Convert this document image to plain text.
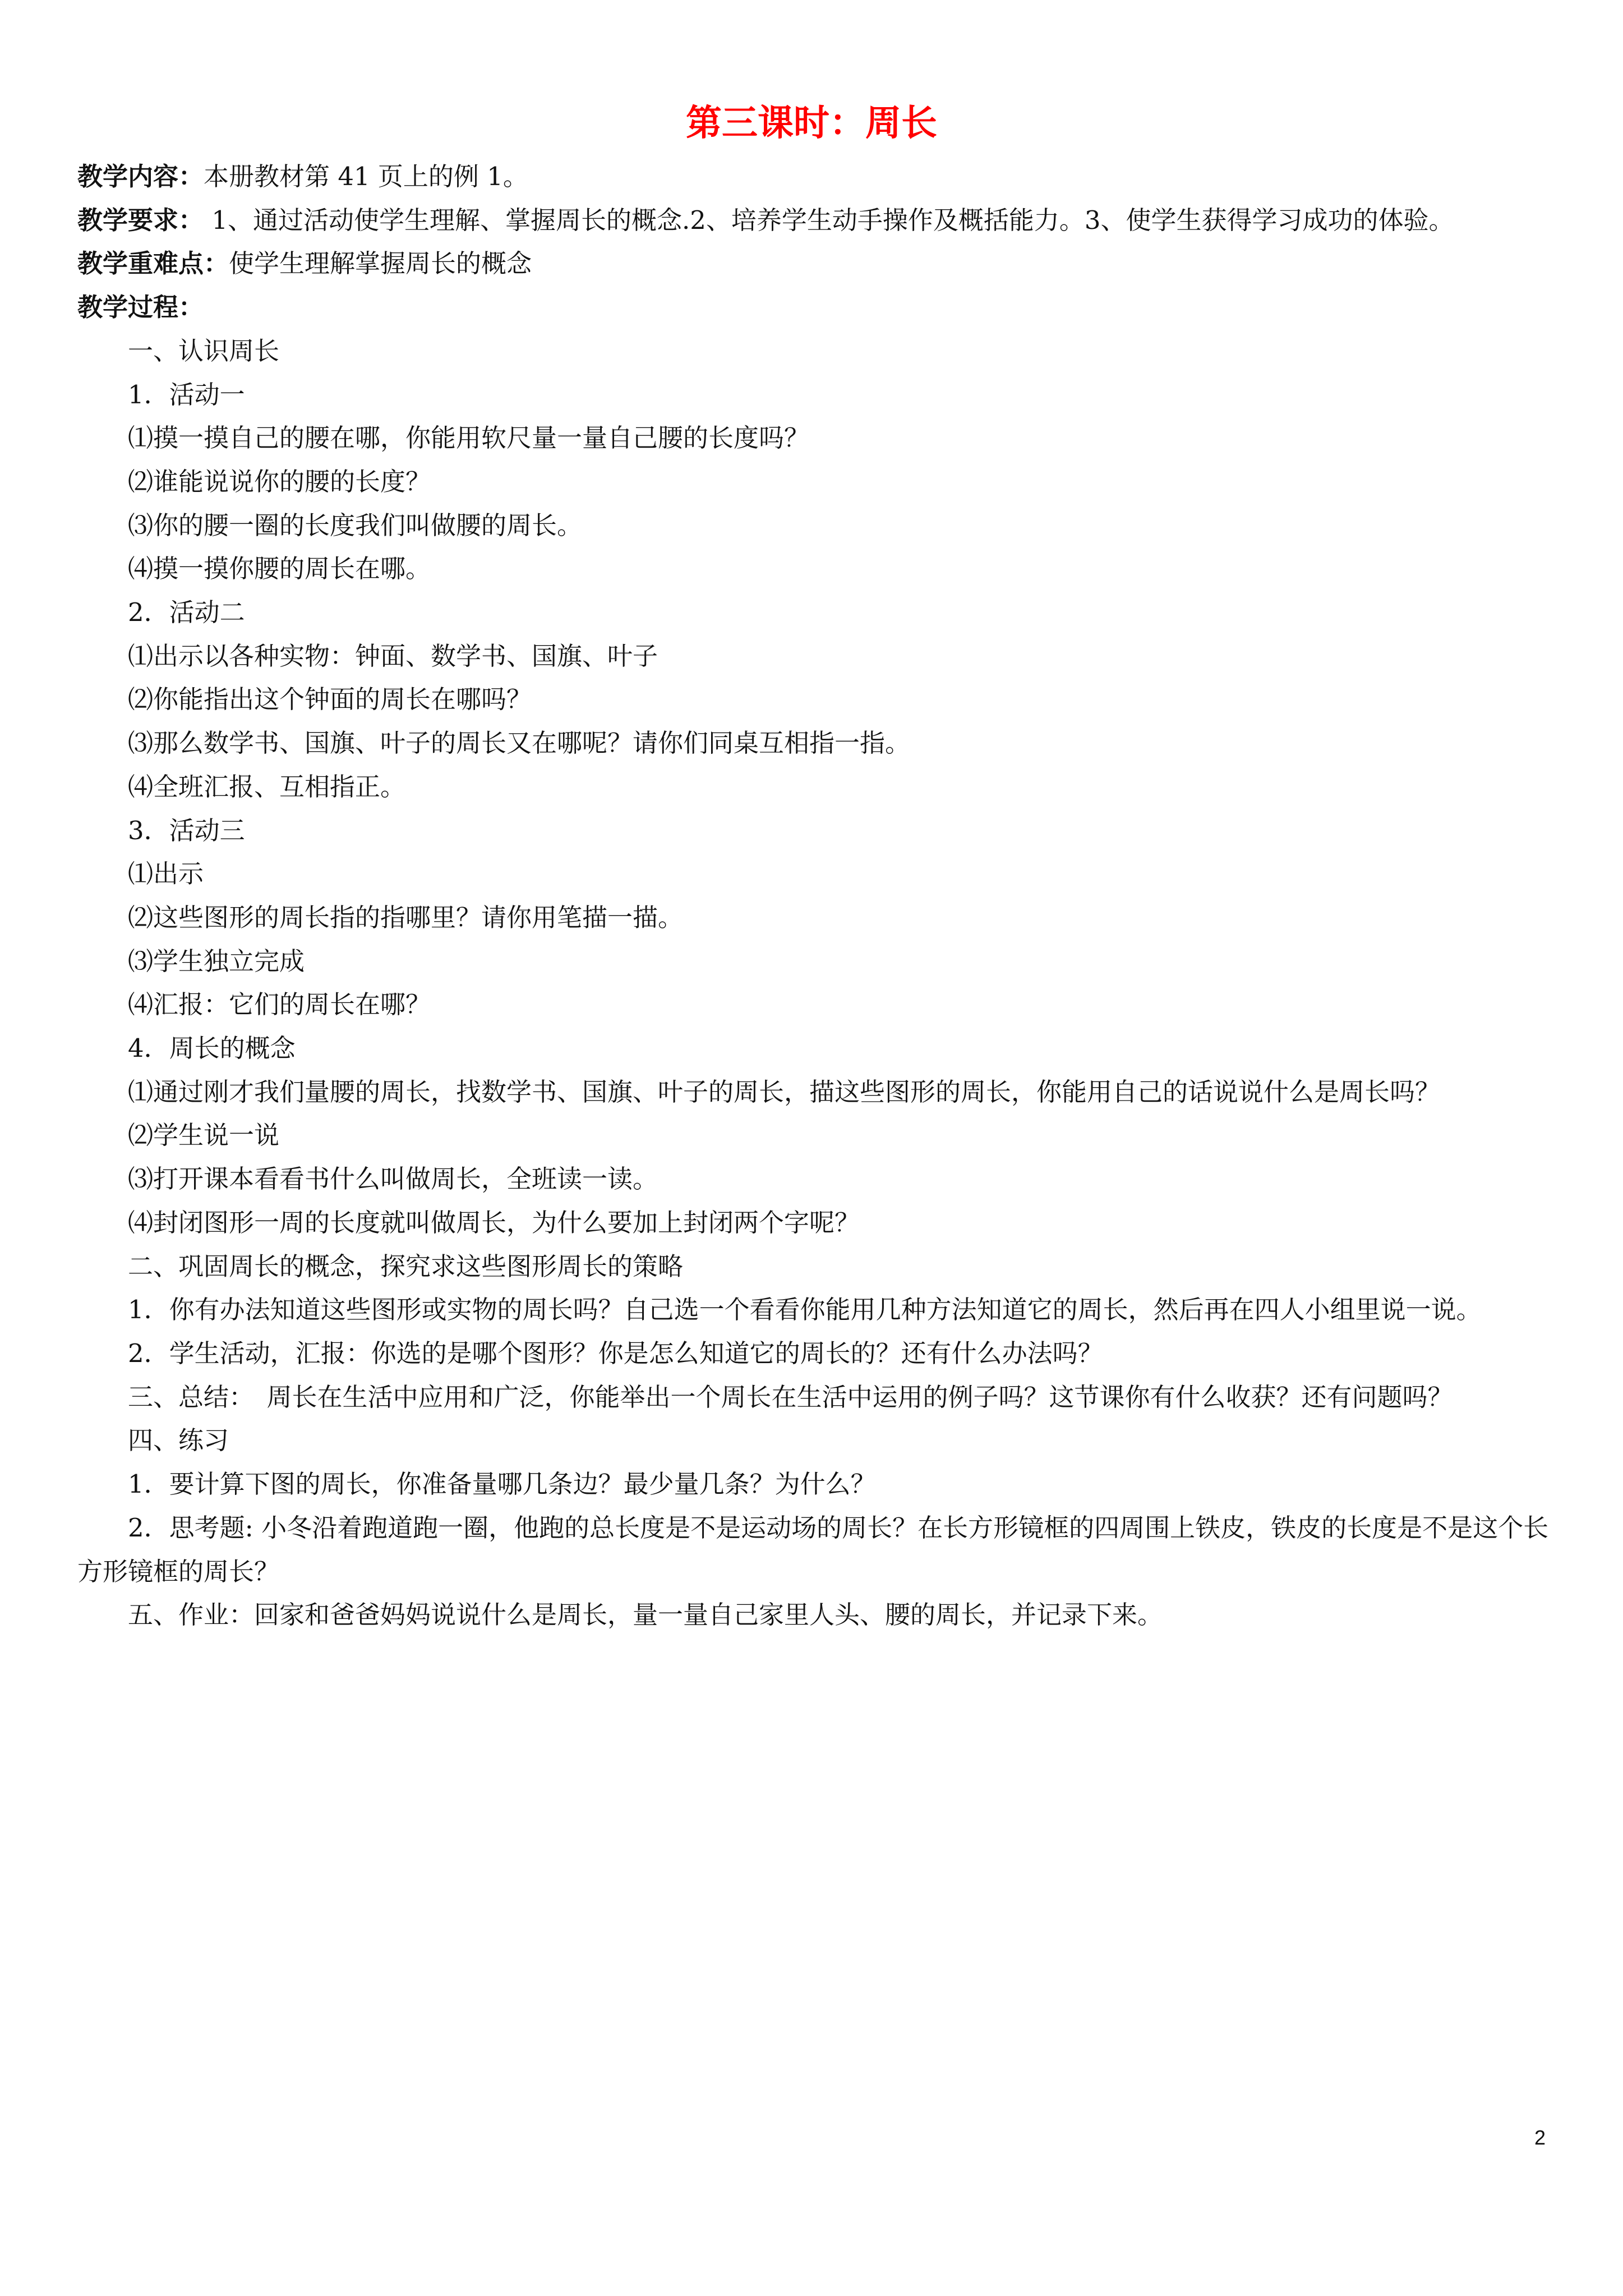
第三课时：周长

教学内容：本册教材第 41 页上的例 1。

教学要求： 1、通过活动使学生理解、掌握周长的概念.2、培养学生动手操作及概括能力。3、使学生获得学习成功的体验。

教学重难点：使学生理解掌握周长的概念

教学过程：

一、认识周长

1．活动一

⑴摸一摸自己的腰在哪，你能用软尺量一量自己腰的长度吗？

⑵谁能说说你的腰的长度？

⑶你的腰一圈的长度我们叫做腰的周长。

⑷摸一摸你腰的周长在哪。

2．活动二

⑴出示以各种实物：钟面、数学书、国旗、叶子

⑵你能指出这个钟面的周长在哪吗？

⑶那么数学书、国旗、叶子的周长又在哪呢？请你们同桌互相指一指。

⑷全班汇报、互相指正。

3．活动三

⑴出示

⑵这些图形的周长指的指哪里？请你用笔描一描。

⑶学生独立完成

⑷汇报：它们的周长在哪？

4．周长的概念

⑴通过刚才我们量腰的周长，找数学书、国旗、叶子的周长，描这些图形的周长，你能用自己的话说说什么是周长吗？

⑵学生说一说

⑶打开课本看看书什么叫做周长，全班读一读。

⑷封闭图形一周的长度就叫做周长，为什么要加上封闭两个字呢？

二、巩固周长的概念，探究求这些图形周长的策略

1．你有办法知道这些图形或实物的周长吗？自己选一个看看你能用几种方法知道它的周长，然后再在四人小组里说一说。

2．学生活动，汇报：你选的是哪个图形？你是怎么知道它的周长的？还有什么办法吗？

三、总结：　周长在生活中应用和广泛，你能举出一个周长在生活中运用的例子吗？这节课你有什么收获？还有问题吗？

四、练习

1．要计算下图的周长，你准备量哪几条边？最少量几条？为什么？

2．思考题: 小冬沿着跑道跑一圈，他跑的总长度是不是运动场的周长？在长方形镜框的四周围上铁皮，铁皮的长度是不是这个长方形镜框的周长？

五、作业：回家和爸爸妈妈说说什么是周长，量一量自己家里人头、腰的周长，并记录下来。

2
